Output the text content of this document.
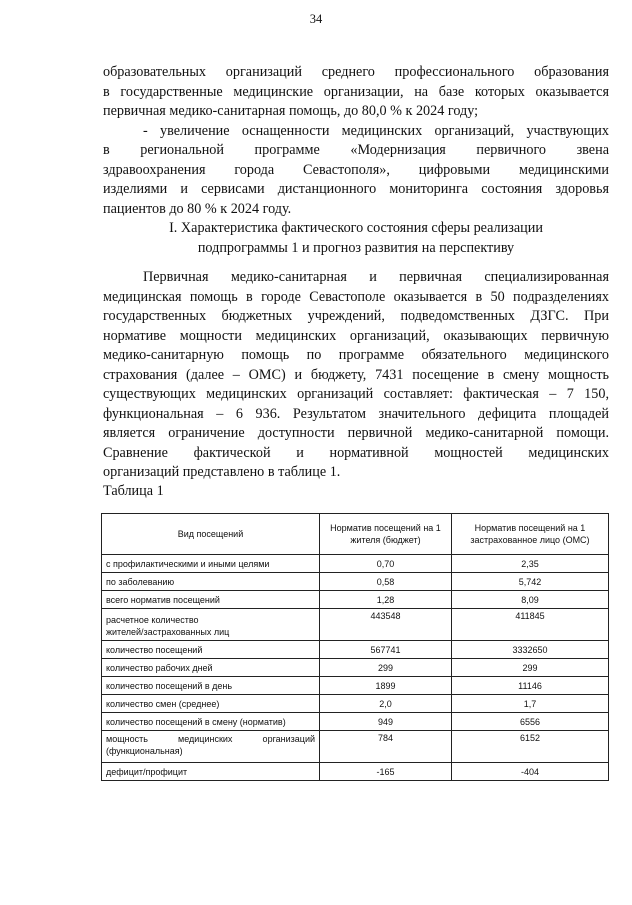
34
образовательных организаций среднего профессионального образования
в государственные медицинские организации, на базе которых оказывается
первичная медико-санитарная помощь, до 80,0 % к 2024 году;
- увеличение оснащенности медицинских организаций, участвующих
в региональной программе «Модернизация первичного звена
здравоохранения города Севастополя», цифровыми медицинскими
изделиями и сервисами дистанционного мониторинга состояния здоровья
пациентов до 80 % к 2024 году.
I. Характеристика фактического состояния сферы реализации
подпрограммы 1 и прогноз развития на перспективу
Первичная медико-санитарная и первичная специализированная
медицинская помощь в городе Севастополе оказывается в 50 подразделениях
государственных бюджетных учреждений, подведомственных ДЗГС. При
нормативе мощности медицинских организаций, оказывающих первичную
медико-санитарную помощь по программе обязательного медицинского
страхования (далее – ОМС) и бюджету, 7431 посещение в смену мощность
существующих медицинских организаций составляет: фактическая – 7 150,
функциональная – 6 936. Результатом значительного дефицита площадей
является ограничение доступности первичной медико-санитарной помощи.
Сравнение фактической и нормативной мощностей медицинских
организаций представлено в таблице 1.
Таблица 1
Вид посещений	Норматив посещений на 1 жителя (бюджет)	Норматив посещений на 1 застрахованное лицо (ОМС)
с профилактическими и иными целями	0,70	2,35
по заболеванию	0,58	5,742
всего норматив посещений	1,28	8,09

расчетное количество
жителей/застрахованных лиц	443548	411845
количество посещений	567741	3332650
количество рабочих дней	299	299
количество посещений в день	1899	11146
количество смен (среднее)	2,0	1,7
количество посещений в смену (норматив)	949	6556

мощность медицинских организаций
(функциональная)	784	6152
дефицит/профицит	-165	-404
